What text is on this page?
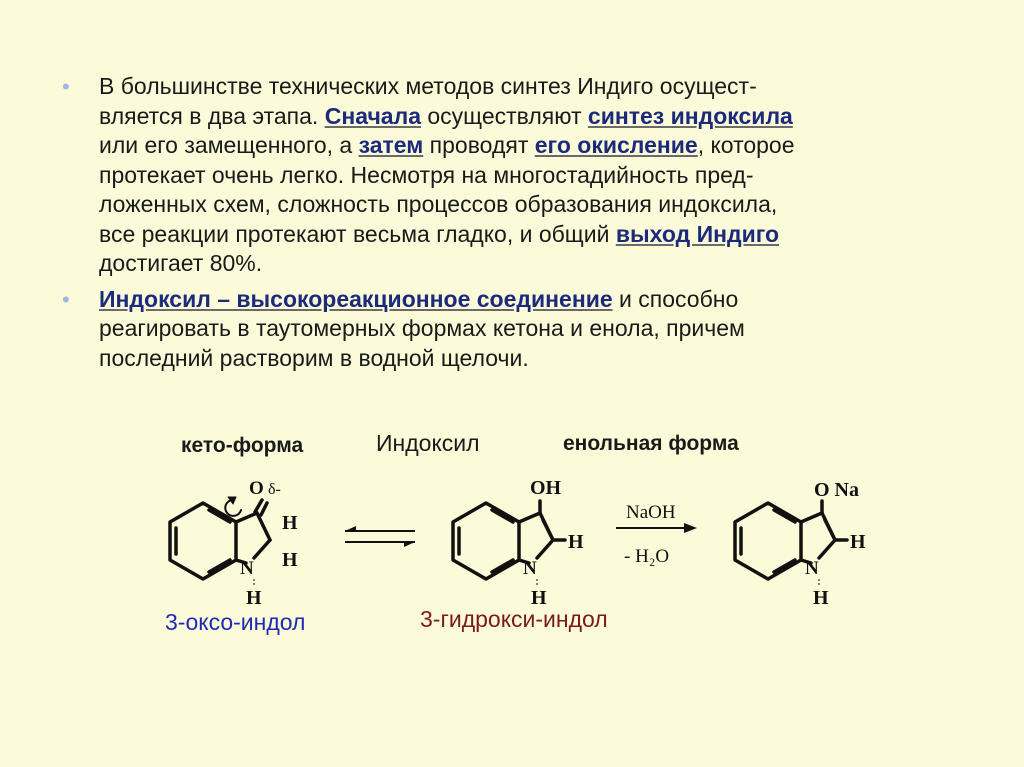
• В большинстве технических методов синтез Индиго осущест-
вляется в два этапа. Сначала осуществляют синтез индоксила
или его замещенного, а затем проводят его окисление, которое
протекает очень легко. Несмотря на многостадийность пред-
ложенных схем, сложность процессов образования индоксила,
все реакции протекают весьма гладко, и общий выход Индиго
достигает 80%.
• Индоксил – высокореакционное соединение и способно
реагировать в таутомерных формах кетона и енола, причем
последний растворим в водной щелочи.
кето-форма	Индоксил	енольная форма
3-оксо-индол	3-гидрокси-индол
O δ-
H
H
N
H
OH
H
N
H
NaOH
- H₂O
O Na
H
N
H
